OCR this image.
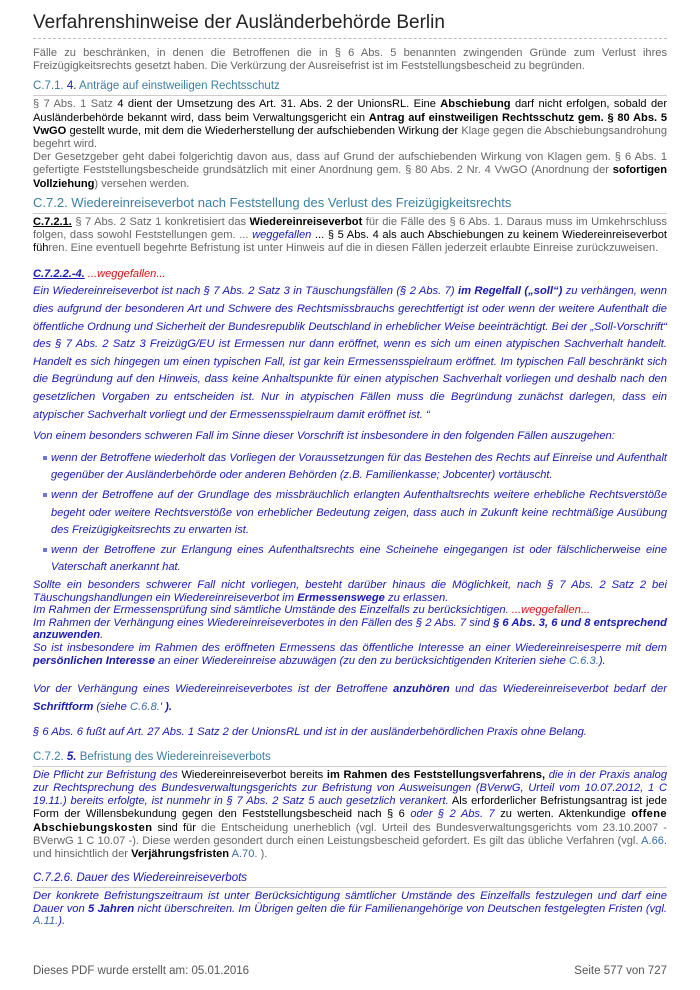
Verfahrenshinweise der Ausländerbehörde Berlin

Fälle zu beschränken, in denen die Betroffenen die in § 6 Abs. 5 benannten zwingenden Gründe zum Verlust ihres Freizügigkeitsrechts gesetzt haben. Die Verkürzung der Ausreisefrist ist im Feststellungsbescheid zu begründen.

C.7.1. 4. Anträge auf einstweiligen Rechtsschutz

§ 7 Abs. 1 Satz 4 dient der Umsetzung des Art. 31. Abs. 2 der UnionsRL. Eine Abschiebung darf nicht erfolgen, sobald der Ausländerbehörde bekannt wird, dass beim Verwaltungsgericht ein Antrag auf einstweiligen Rechtsschutz gem. § 80 Abs. 5 VwGO gestellt wurde, mit dem die Wiederherstellung der aufschiebenden Wirkung der Klage gegen die Abschiebungsandrohung begehrt wird.

Der Gesetzgeber geht dabei folgerichtig davon aus, dass auf Grund der aufschiebenden Wirkung von Klagen gem. § 6 Abs. 1 gefertigte Feststellungsbescheide grundsätzlich mit einer Anordnung gem. § 80 Abs. 2 Nr. 4 VwGO (Anordnung der sofortigen Vollziehung) versehen werden.

C.7.2. Wiedereinreiseverbot nach Feststellung des Verlust des Freizügigkeitsrechts

C.7.2.1. § 7 Abs. 2 Satz 1 konkretisiert das Wiedereinreiseverbot für die Fälle des § 6 Abs. 1. Daraus muss im Umkehrschluss folgen, dass sowohl Feststellungen gem. ... weggefallen ... § 5 Abs. 4 als auch Abschiebungen zu keinem Wiedereinreiseverbot führen. Eine eventuell begehrte Befristung ist unter Hinweis auf die in diesen Fällen jederzeit erlaubte Einreise zurückzuweisen.

C.7.2.2.-4. ...weggefallen...

Ein Wiedereinreiseverbot ist nach § 7 Abs. 2 Satz 3 in Täuschungsfällen (§ 2 Abs. 7) im Regelfall („soll“) zu verhängen, wenn dies aufgrund der besonderen Art und Schwere des Rechtsmissbrauchs gerechtfertigt ist oder wenn der weitere Aufenthalt die öffentliche Ordnung und Sicherheit der Bundesrepublik Deutschland in erheblicher Weise beeinträchtigt. Bei der „Soll-Vorschrift“ des § 7 Abs. 2 Satz 3 FreizügG/EU ist Ermessen nur dann eröffnet, wenn es sich um einen atypischen Sachverhalt handelt. Handelt es sich hingegen um einen typischen Fall, ist gar kein Ermessensspielraum eröffnet. Im typischen Fall beschränkt sich die Begründung auf den Hinweis, dass keine Anhaltspunkte für einen atypischen Sachverhalt vorliegen und deshalb nach den gesetzlichen Vorgaben zu entscheiden ist. Nur in atypischen Fällen muss die Begründung zunächst darlegen, dass ein atypischer Sachverhalt vorliegt und der Ermessensspielraum damit eröffnet ist. “

Von einem besonders schweren Fall im Sinne dieser Vorschrift ist insbesondere in den folgenden Fällen auszugehen:

wenn der Betroffene wiederholt das Vorliegen der Voraussetzungen für das Bestehen des Rechts auf Einreise und Aufenthalt gegenüber der Ausländerbehörde oder anderen Behörden (z.B. Familienkasse; Jobcenter) vortäuscht.
wenn der Betroffene auf der Grundlage des missbräuchlich erlangten Aufenthaltsrechts weitere erhebliche Rechtsverstöße begeht oder weitere Rechtsverstöße von erheblicher Bedeutung zeigen, dass auch in Zukunft keine rechtmäßige Ausübung des Freizügigkeitsrechts zu erwarten ist.
wenn der Betroffene zur Erlangung eines Aufenthaltsrechts eine Scheinehe eingegangen ist oder fälschlicherweise eine Vaterschaft anerkannt hat.

Sollte ein besonders schwerer Fall nicht vorliegen, besteht darüber hinaus die Möglichkeit, nach § 7 Abs. 2 Satz 2 bei Täuschungshandlungen ein Wiedereinreiseverbot im Ermessenswege zu erlassen.

Im Rahmen der Ermessensprüfung sind sämtliche Umstände des Einzelfalls zu berücksichtigen. ...weggefallen...

Im Rahmen der Verhängung eines Wiedereinreiseverbotes in den Fällen des § 2 Abs. 7 sind § 6 Abs. 3, 6 und 8 entsprechend anzuwenden.

So ist insbesondere im Rahmen des eröffneten Ermessens das öffentliche Interesse an einer Wiedereinreisesperre mit dem persönlichen Interesse an einer Wiedereinreise abzuwägen (zu den zu berücksichtigenden Kriterien siehe C.6.3.).

Vor der Verhängung eines Wiedereinreiseverbotes ist der Betroffene anzuhören und das Wiedereinreiseverbot bedarf der Schriftform (siehe C.6.8.' ).

§ 6 Abs. 6 fußt auf Art. 27 Abs. 1 Satz 2 der UnionsRL und ist in der ausländerbehördlichen Praxis ohne Belang.

C.7.2. 5. Befristung des Wiedereinreiseverbots

Die Pflicht zur Befristung des Wiedereinreiseverbot bereits im Rahmen des Feststellungsverfahrens, die in der Praxis analog zur Rechtsprechung des Bundesverwaltungsgerichts zur Befristung von Ausweisungen (BVerwG, Urteil vom 10.07.2012, 1 C 19.11.) bereits erfolgte, ist nunmehr in § 7 Abs. 2 Satz 5 auch gesetzlich verankert. Als erforderlicher Befristungsantrag ist jede Form der Willensbekundung gegen den Feststellungsbescheid nach § 6 oder § 2 Abs. 7 zu werten. Aktenkundige offene Abschiebungskosten sind für die Entscheidung unerheblich (vgl. Urteil des Bundesverwaltungsgerichts vom 23.10.2007 - BVerwG 1 C 10.07 -). Diese werden gesondert durch einen Leistungsbescheid gefordert. Es gilt das übliche Verfahren (vgl. A.66. und hinsichtlich der Verjährungsfristen A.70. ).

C.7.2.6. Dauer des Wiedereinreiseverbots

Der konkrete Befristungszeitraum ist unter Berücksichtigung sämtlicher Umstände des Einzelfalls festzulegen und darf eine Dauer von 5 Jahren nicht überschreiten. Im Übrigen gelten die für Familienangehörige von Deutschen festgelegten Fristen (vgl. A.11.).

Dieses PDF wurde erstellt am: 05.01.2016	Seite 577 von 727
